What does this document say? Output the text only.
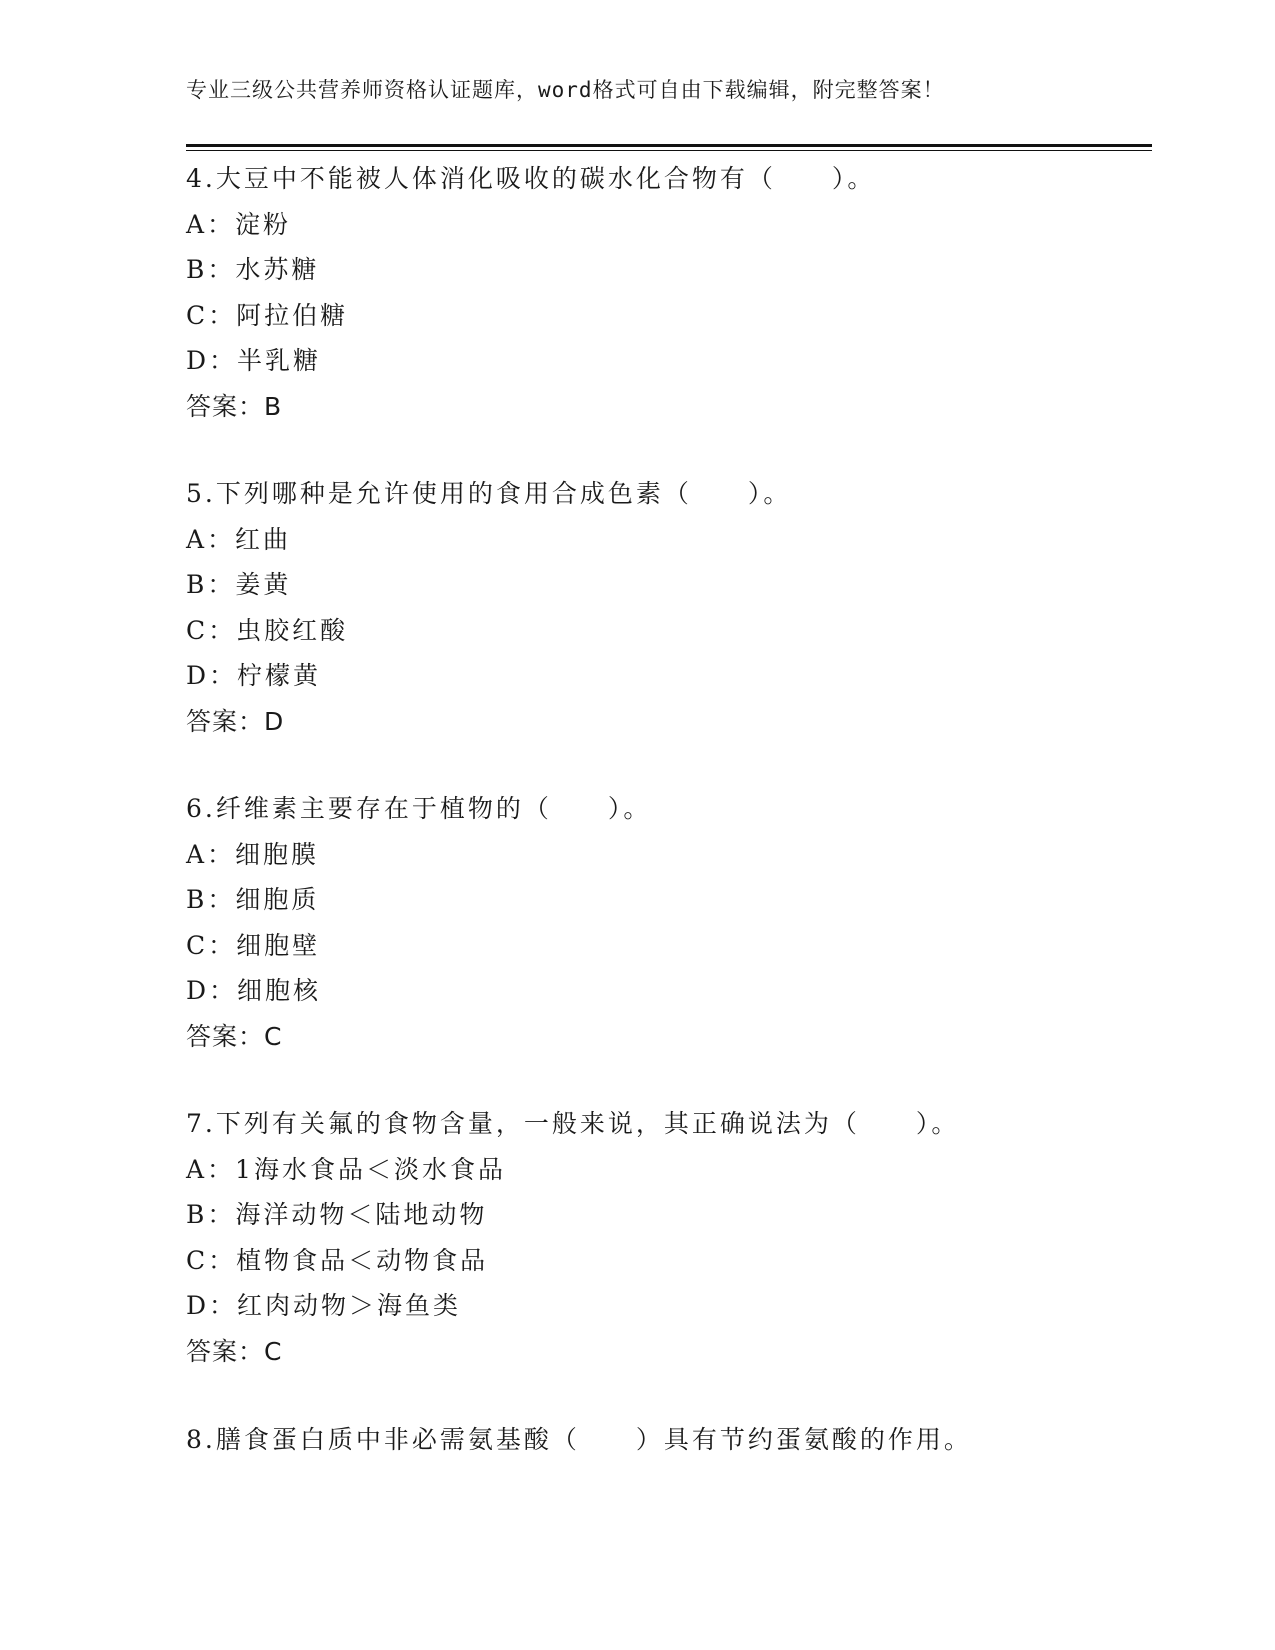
专业三级公共营养师资格认证题库，word格式可自由下载编辑，附完整答案！
4.大豆中不能被人体消化吸收的碳水化合物有（　　）。
A：淀粉
B：水苏糖
C：阿拉伯糖
D：半乳糖
答案：B
5.下列哪种是允许使用的食用合成色素（　　）。
A：红曲
B：姜黄
C：虫胶红酸
D：柠檬黄
答案：D
6.纤维素主要存在于植物的（　　）。
A：细胞膜
B：细胞质
C：细胞壁
D：细胞核
答案：C
7.下列有关氟的食物含量，一般来说，其正确说法为（　　）。
A：1海水食品＜淡水食品
B：海洋动物＜陆地动物
C：植物食品＜动物食品
D：红肉动物＞海鱼类
答案：C
8.膳食蛋白质中非必需氨基酸（　　）具有节约蛋氨酸的作用。
